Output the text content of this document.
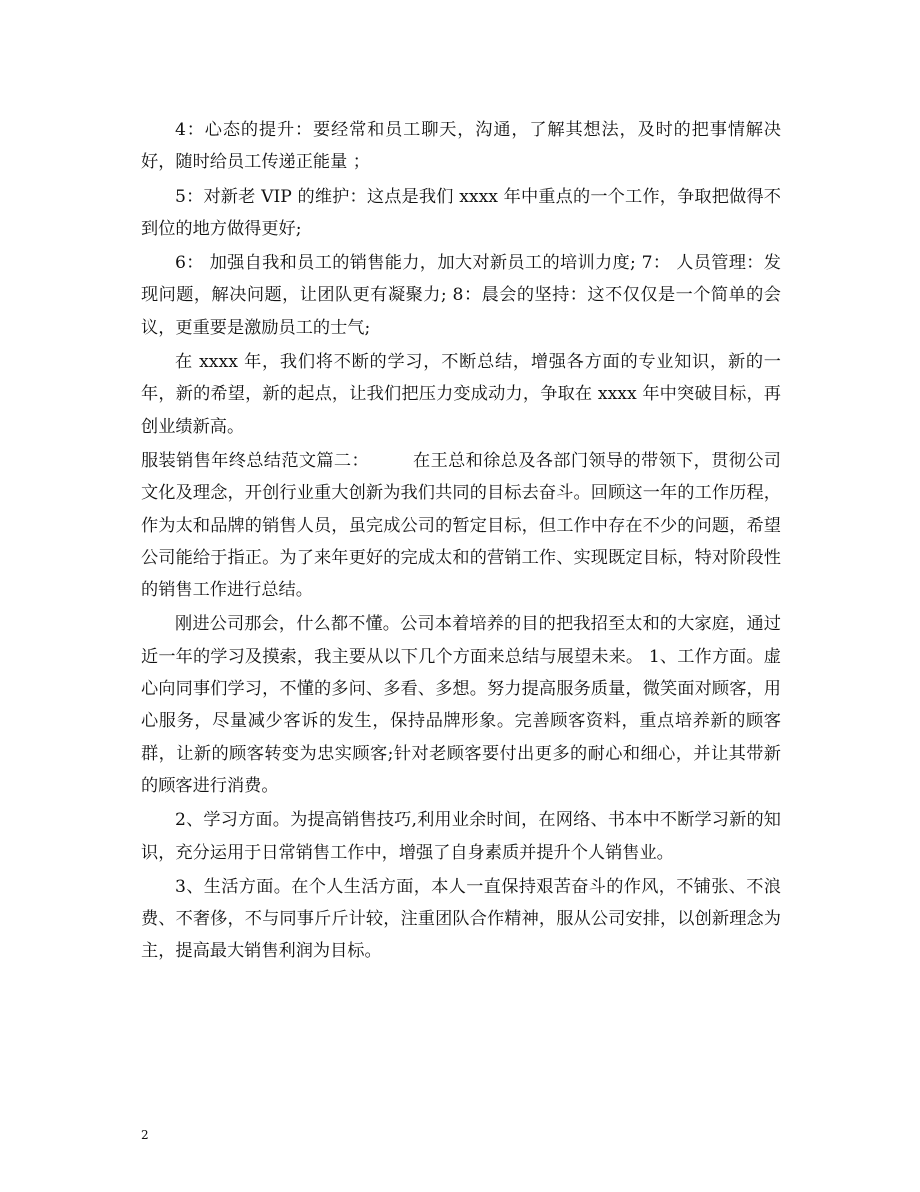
4：心态的提升：要经常和员工聊天，沟通，了解其想法，及时的把事情解决好，随时给员工传递正能量 ；

5：对新老 VIP 的维护：这点是我们 xxxx 年中重点的一个工作，争取把做得不到位的地方做得更好;

6： 加强自我和员工的销售能力，加大对新员工的培训力度; 7： 人员管理：发现问题，解决问题，让团队更有凝聚力; 8：晨会的坚持：这不仅仅是一个简单的会议，更重要是激励员工的士气;

在 xxxx 年，我们将不断的学习，不断总结，增强各方面的专业知识，新的一年，新的希望，新的起点，让我们把压力变成动力，争取在 xxxx 年中突破目标，再创业绩新高。

服装销售年终总结范文篇二：　　　在王总和徐总及各部门领导的带领下，贯彻公司文化及理念，开创行业重大创新为我们共同的目标去奋斗。回顾这一年的工作历程，作为太和品牌的销售人员，虽完成公司的暂定目标，但工作中存在不少的问题，希望公司能给于指正。为了来年更好的完成太和的营销工作、实现既定目标，特对阶段性的销售工作进行总结。

刚进公司那会，什么都不懂。公司本着培养的目的把我招至太和的大家庭，通过近一年的学习及摸索，我主要从以下几个方面来总结与展望未来。 1、工作方面。虚心向同事们学习，不懂的多问、多看、多想。努力提高服务质量，微笑面对顾客，用心服务，尽量减少客诉的发生，保持品牌形象。完善顾客资料，重点培养新的顾客群，让新的顾客转变为忠实顾客;针对老顾客要付出更多的耐心和细心，并让其带新的顾客进行消费。

2、学习方面。为提高销售技巧,利用业余时间，在网络、书本中不断学习新的知识，充分运用于日常销售工作中，增强了自身素质并提升个人销售业。

3、生活方面。在个人生活方面，本人一直保持艰苦奋斗的作风，不铺张、不浪费、不奢侈，不与同事斤斤计较，注重团队合作精神，服从公司安排，以创新理念为主，提高最大销售利润为目标。

2
